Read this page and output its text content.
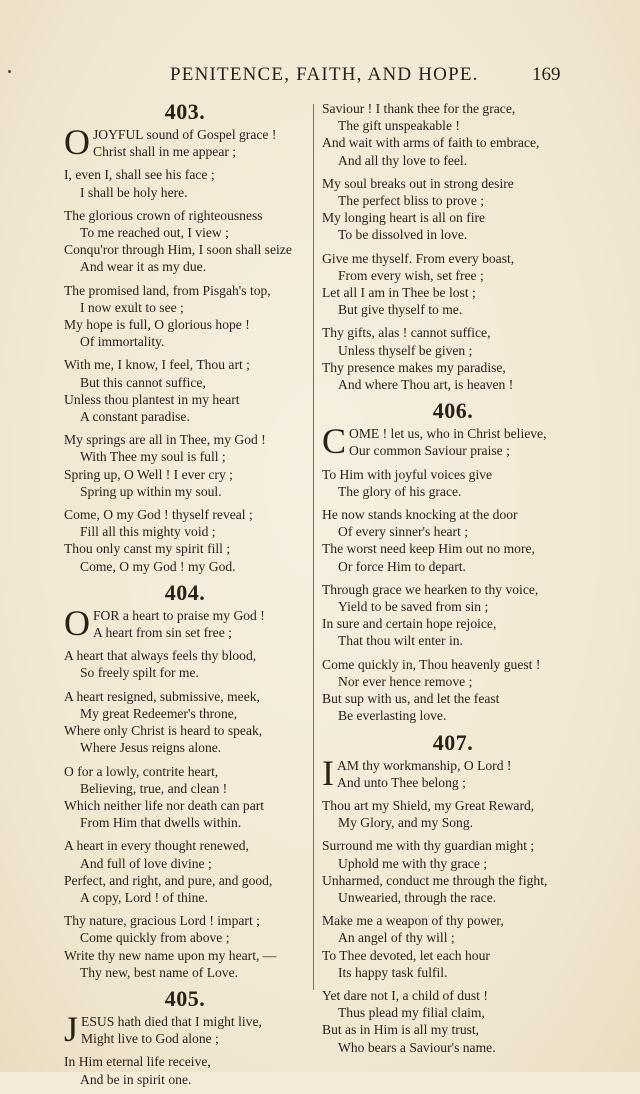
PENITENCE, FAITH, AND HOPE.	169
403.
O JOYFUL sound of Gospel grace !
Christ shall in me appear ;
I, even I, shall see his face ;
I shall be holy here.
The glorious crown of righteousness
To me reached out, I view ;
Conqu'ror through Him, I soon shall seize
And wear it as my due.
The promised land, from Pisgah's top,
I now exult to see ;
My hope is full, O glorious hope !
Of immortality.
With me, I know, I feel, Thou art ;
But this cannot suffice,
Unless thou plantest in my heart
A constant paradise.
My springs are all in Thee, my God !
With Thee my soul is full ;
Spring up, O Well ! I ever cry ;
Spring up within my soul.
Come, O my God ! thyself reveal ;
Fill all this mighty void ;
Thou only canst my spirit fill ;
Come, O my God ! my God.
404.
O FOR a heart to praise my God !
A heart from sin set free ;
A heart that always feels thy blood,
So freely spilt for me.
A heart resigned, submissive, meek,
My great Redeemer's throne,
Where only Christ is heard to speak,
Where Jesus reigns alone.
O for a lowly, contrite heart,
Believing, true, and clean !
Which neither life nor death can part
From Him that dwells within.
A heart in every thought renewed,
And full of love divine ;
Perfect, and right, and pure, and good,
A copy, Lord ! of thine.
Thy nature, gracious Lord ! impart ;
Come quickly from above ;
Write thy new name upon my heart, —
Thy new, best name of Love.
405.
J ESUS hath died that I might live,
Might live to God alone ;
In Him eternal life receive,
And be in spirit one.
Saviour ! I thank thee for the grace,
The gift unspeakable !
And wait with arms of faith to embrace,
And all thy love to feel.
My soul breaks out in strong desire
The perfect bliss to prove ;
My longing heart is all on fire
To be dissolved in love.
Give me thyself. From every boast,
From every wish, set free ;
Let all I am in Thee be lost ;
But give thyself to me.
Thy gifts, alas ! cannot suffice,
Unless thyself be given ;
Thy presence makes my paradise,
And where Thou art, is heaven !
406.
C OME ! let us, who in Christ believe,
Our common Saviour praise ;
To Him with joyful voices give
The glory of his grace.
He now stands knocking at the door
Of every sinner's heart ;
The worst need keep Him out no more,
Or force Him to depart.
Through grace we hearken to thy voice,
Yield to be saved from sin ;
In sure and certain hope rejoice,
That thou wilt enter in.
Come quickly in, Thou heavenly guest !
Nor ever hence remove ;
But sup with us, and let the feast
Be everlasting love.
407.
I AM thy workmanship, O Lord !
And unto Thee belong ;
Thou art my Shield, my Great Reward,
My Glory, and my Song.
Surround me with thy guardian might ;
Uphold me with thy grace ;
Unharmed, conduct me through the fight,
Unwearied, through the race.
Make me a weapon of thy power,
An angel of thy will ;
To Thee devoted, let each hour
Its happy task fulfil.
Yet dare not I, a child of dust !
Thus plead my filial claim,
But as in Him is all my trust,
Who bears a Saviour's name.
